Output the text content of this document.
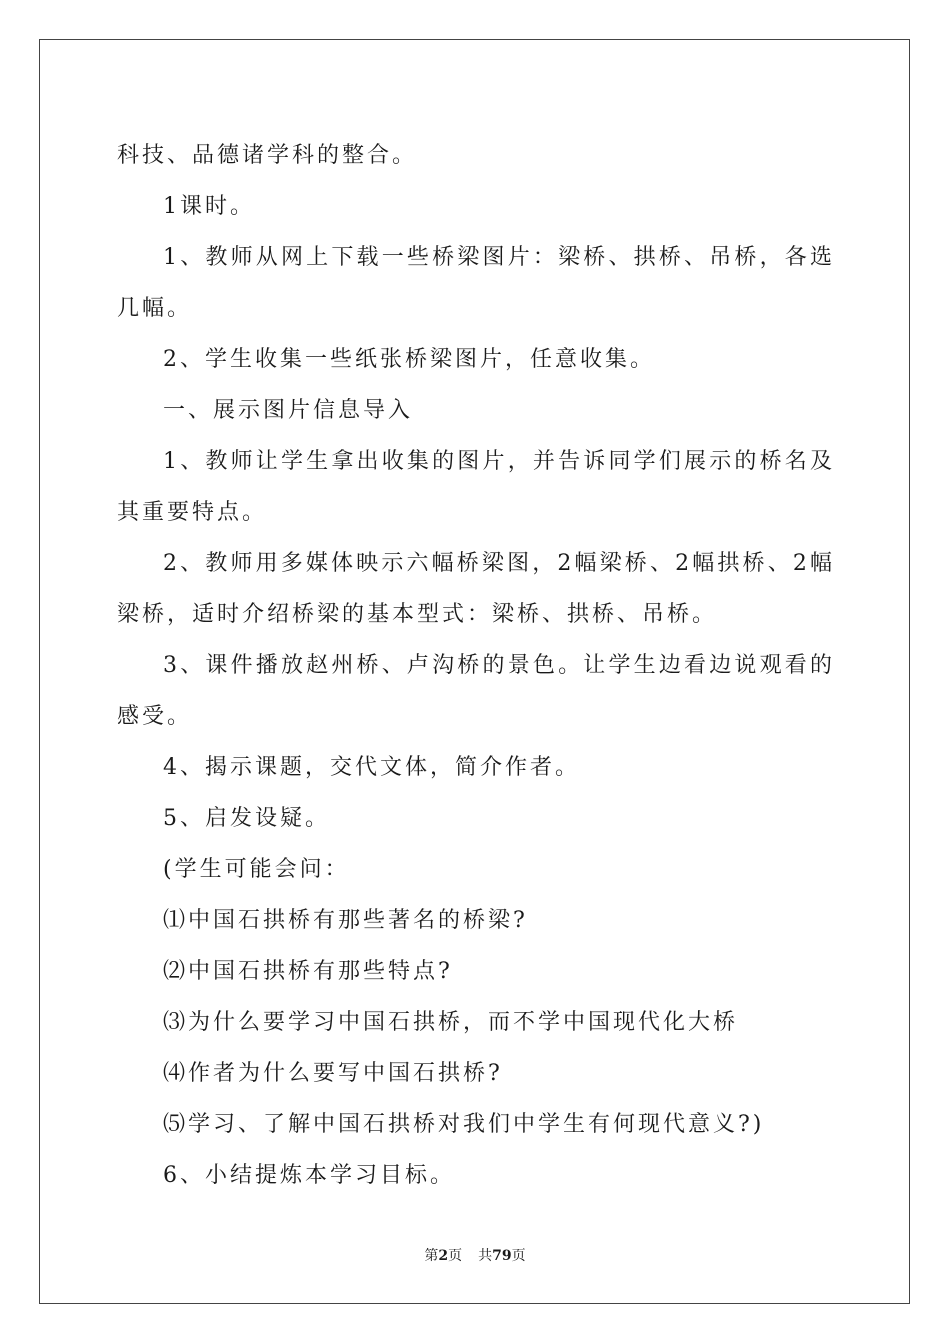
科技、品德诸学科的整合。

1课时。

1、教师从网上下载一些桥梁图片：梁桥、拱桥、吊桥，各选几幅。

2、学生收集一些纸张桥梁图片，任意收集。

一、展示图片信息导入

1、教师让学生拿出收集的图片，并告诉同学们展示的桥名及其重要特点。

2、教师用多媒体映示六幅桥梁图，2幅梁桥、2幅拱桥、2幅梁桥，适时介绍桥梁的基本型式：梁桥、拱桥、吊桥。

3、课件播放赵州桥、卢沟桥的景色。让学生边看边说观看的感受。

4、揭示课题，交代文体，简介作者。

5、启发设疑。

(学生可能会问：

⑴中国石拱桥有那些著名的桥梁?

⑵中国石拱桥有那些特点?

⑶为什么要学习中国石拱桥，而不学中国现代化大桥

⑷作者为什么要写中国石拱桥?

⑸学习、了解中国石拱桥对我们中学生有何现代意义?)

6、小结提炼本学习目标。

第2页 共79页
